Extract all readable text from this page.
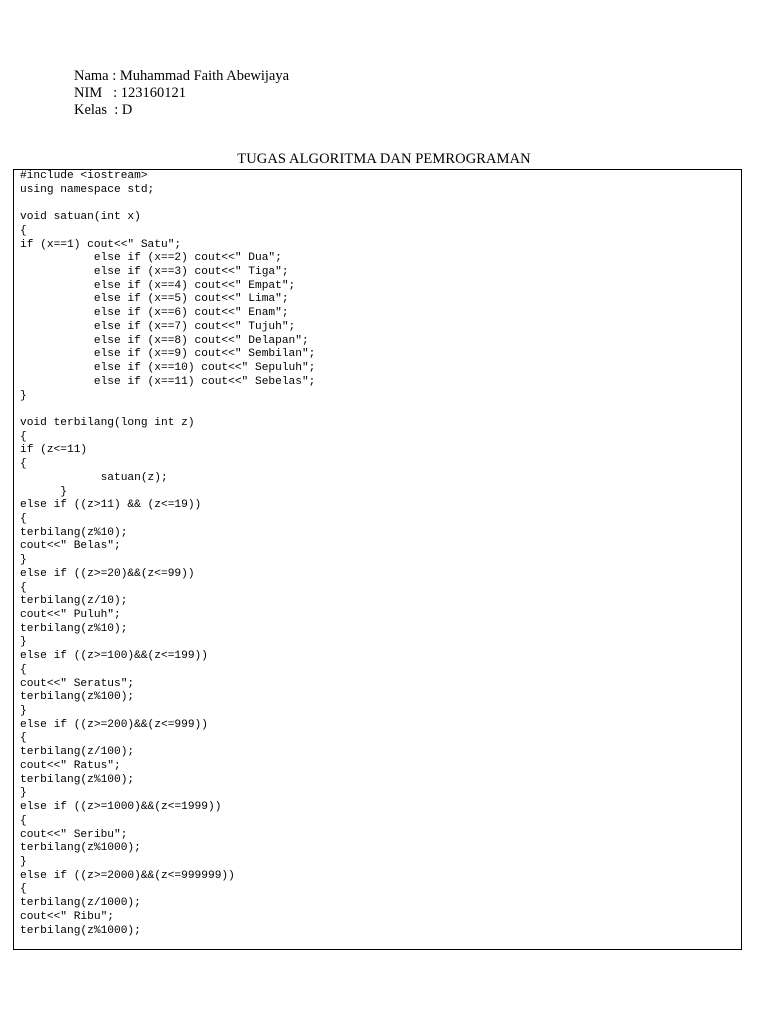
Nama : Muhammad Faith Abewijaya
NIM   : 123160121
Kelas  : D
TUGAS ALGORITMA DAN PEMROGRAMAN
#include <iostream>
using namespace std;
void satuan(int x)
{
if (x==1) cout<<" Satu";
else if (x==2) cout<<" Dua";
else if (x==3) cout<<" Tiga";
else if (x==4) cout<<" Empat";
else if (x==5) cout<<" Lima";
else if (x==6) cout<<" Enam";
else if (x==7) cout<<" Tujuh";
else if (x==8) cout<<" Delapan";
else if (x==9) cout<<" Sembilan";
else if (x==10) cout<<" Sepuluh";
else if (x==11) cout<<" Sebelas";
}
void terbilang(long int z)
{
if (z<=11)
{
satuan(z);
}
else if ((z>11) && (z<=19))
{
terbilang(z%10);
cout<<" Belas";
}
else if ((z>=20)&&(z<=99))
{
terbilang(z/10);
cout<<" Puluh";
terbilang(z%10);
}
else if ((z>=100)&&(z<=199))
{
cout<<" Seratus";
terbilang(z%100);
}
else if ((z>=200)&&(z<=999))
{
terbilang(z/100);
cout<<" Ratus";
terbilang(z%100);
}
else if ((z>=1000)&&(z<=1999))
{
cout<<" Seribu";
terbilang(z%1000);
}
else if ((z>=2000)&&(z<=999999))
{
terbilang(z/1000);
cout<<" Ribu";
terbilang(z%1000);
